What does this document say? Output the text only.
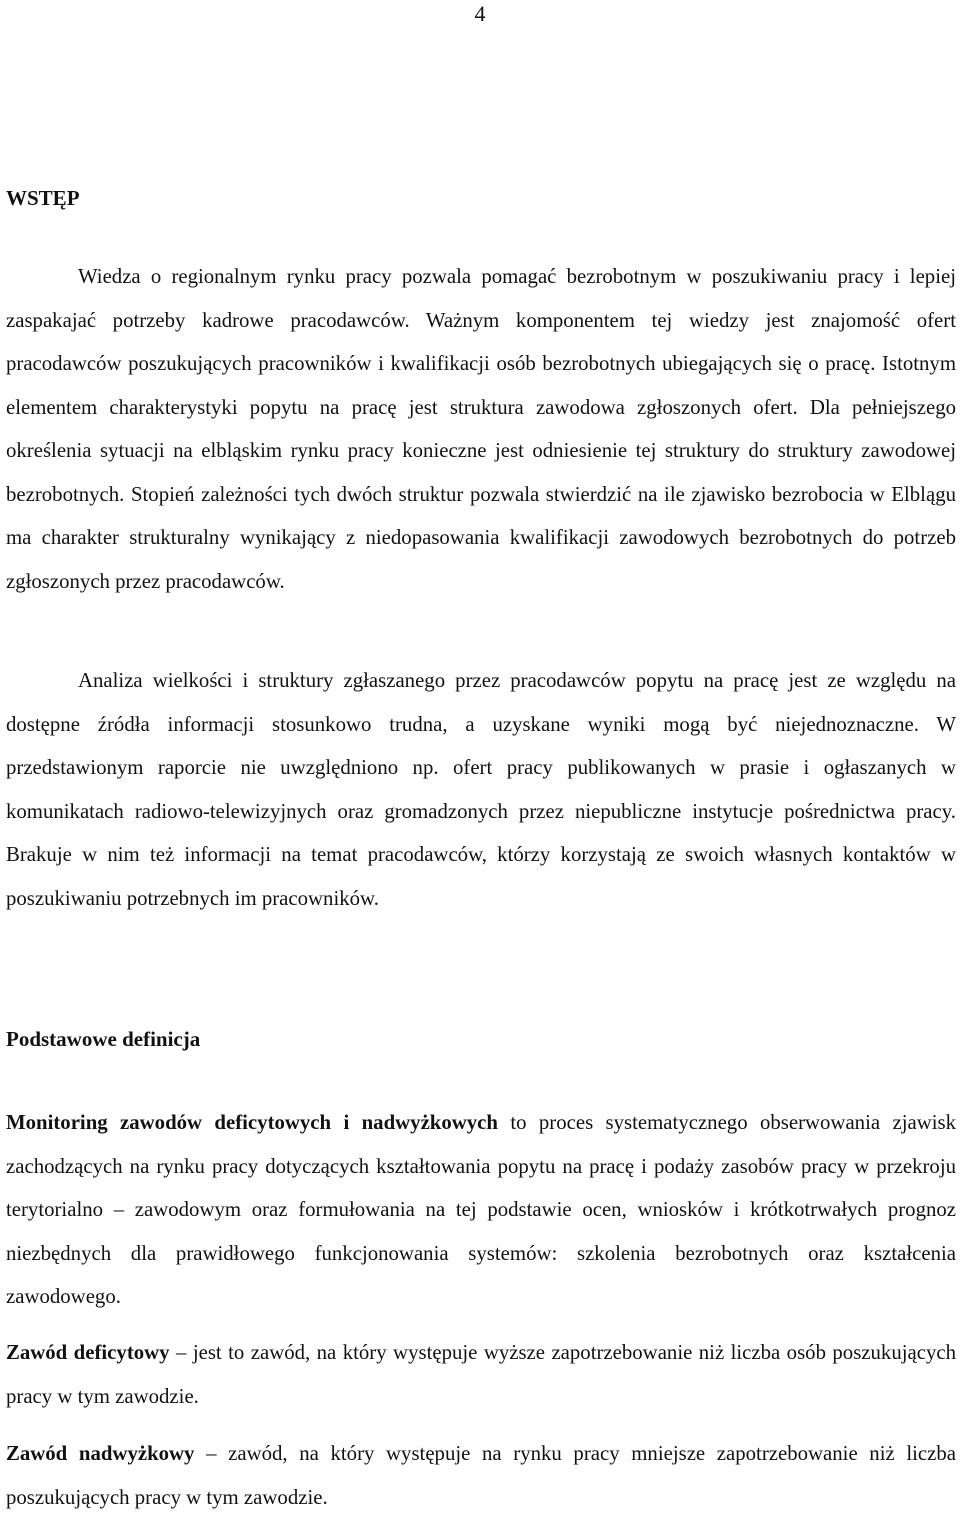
4
WSTĘP
Wiedza o regionalnym rynku pracy pozwala pomagać bezrobotnym w poszukiwaniu pracy i lepiej zaspakajać potrzeby kadrowe pracodawców. Ważnym komponentem tej wiedzy jest znajomość ofert pracodawców poszukujących pracowników i kwalifikacji osób bezrobotnych ubiegających się o pracę. Istotnym elementem charakterystyki popytu na pracę jest struktura zawodowa zgłoszonych ofert. Dla pełniejszego określenia sytuacji na elbląskim rynku pracy konieczne jest odniesienie tej struktury do struktury zawodowej bezrobotnych. Stopień zależności tych dwóch struktur pozwala stwierdzić na ile zjawisko bezrobocia w Elblągu ma charakter strukturalny wynikający z niedopasowania kwalifikacji zawodowych bezrobotnych do potrzeb zgłoszonych przez pracodawców.
Analiza wielkości i struktury zgłaszanego przez pracodawców popytu na pracę jest ze względu na dostępne źródła informacji stosunkowo trudna, a uzyskane wyniki mogą być niejednoznaczne. W przedstawionym raporcie nie uwzględniono np. ofert pracy publikowanych w prasie i ogłaszanych w komunikatach radiowo-telewizyjnych oraz gromadzonych przez niepubliczne instytucje pośrednictwa pracy. Brakuje w nim też informacji na temat pracodawców, którzy korzystają ze swoich własnych kontaktów w poszukiwaniu potrzebnych im pracowników.
Podstawowe definicja
Monitoring zawodów deficytowych i nadwyżkowych to proces systematycznego obserwowania zjawisk zachodzących na rynku pracy dotyczących kształtowania popytu na pracę i podaży zasobów pracy w przekroju terytorialno – zawodowym oraz formułowania na tej podstawie ocen, wniosków i krótkotrwałych prognoz niezbędnych dla prawidłowego funkcjonowania systemów: szkolenia bezrobotnych oraz kształcenia zawodowego.
Zawód deficytowy – jest to zawód, na który występuje wyższe zapotrzebowanie niż liczba osób poszukujących pracy w tym zawodzie.
Zawód nadwyżkowy – zawód, na który występuje na rynku pracy mniejsze zapotrzebowanie niż liczba poszukujących pracy w tym zawodzie.
